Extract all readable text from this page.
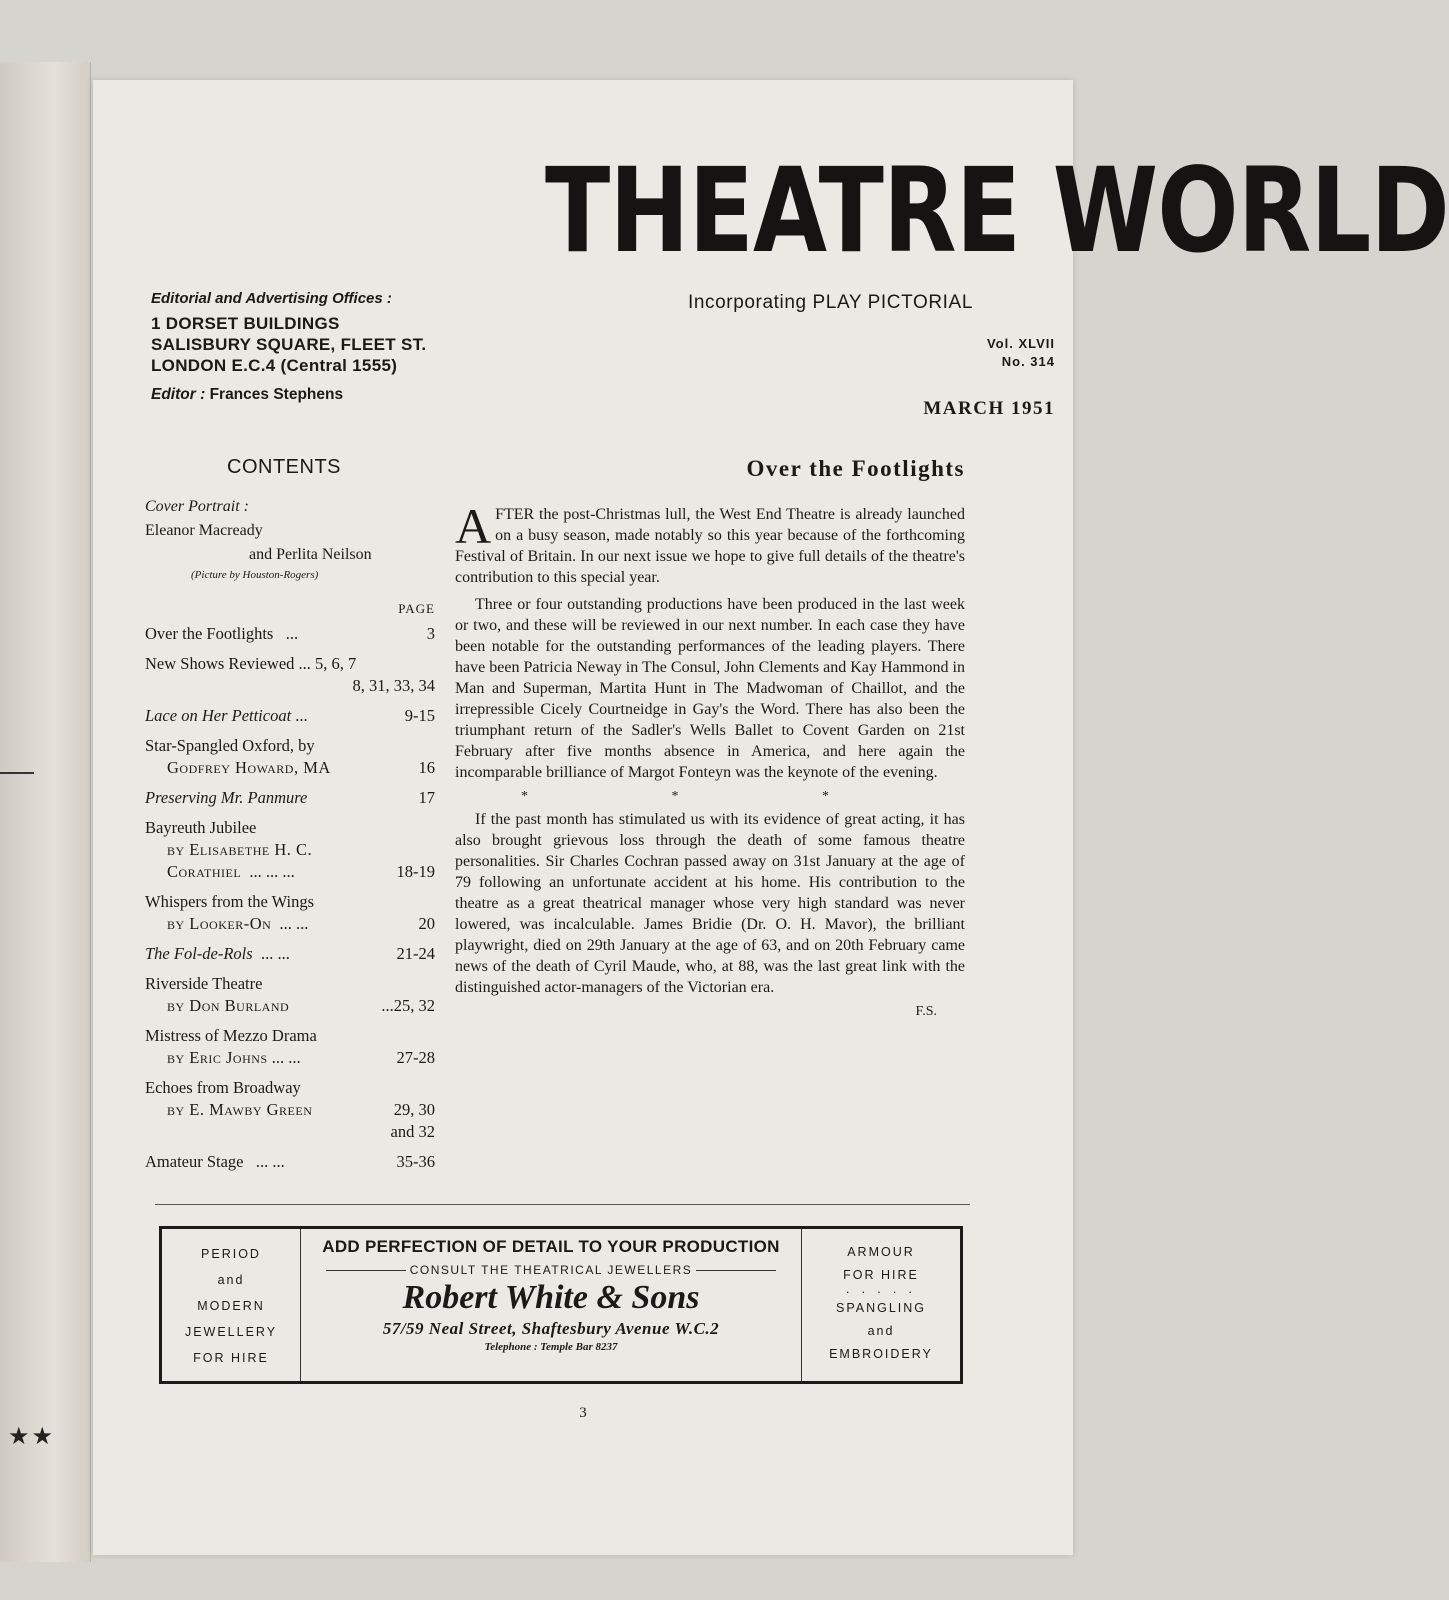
★★
THEATRE WORLD
Editorial and Advertising Offices :
1 DORSET BUILDINGS
SALISBURY SQUARE, FLEET ST.
LONDON E.C.4 (Central 1555)
Editor : Frances Stephens
Incorporating PLAY PICTORIAL
Vol. XLVII
No. 314
MARCH 1951
CONTENTS
Cover Portrait :
Eleanor Macready
and Perlita Neilson
(Picture by Houston-Rogers)
PAGE
Over the Footlights ...	3
New Shows Reviewed ... 5, 6, 7
8, 31, 33, 34
Lace on Her Petticoat ...	9-15
Star-Spangled Oxford, by
Godfrey Howard, MA	16
Preserving Mr. Panmure	17
Bayreuth Jubilee
by Elisabethe H. C.
Corathiel ... ... ...	18-19
Whispers from the Wings
by Looker-On ... ...	20
The Fol-de-Rols ... ...	21-24
Riverside Theatre
by Don Burland	...25, 32
Mistress of Mezzo Drama
by Eric Johns ... ...	27-28
Echoes from Broadway
by E. Mawby Green	29, 30
and 32
Amateur Stage ... ...	35-36
Over the Footlights

AFTER the post-Christmas lull, the West End Theatre is already launched on a busy season, made notably so this year because of the forthcoming Festival of Britain. In our next issue we hope to give full details of the theatre's contribution to this special year.

Three or four outstanding productions have been produced in the last week or two, and these will be reviewed in our next number. In each case they have been notable for the outstanding performances of the leading players. There have been Patricia Neway in The Consul, John Clements and Kay Hammond in Man and Superman, Martita Hunt in The Madwoman of Chaillot, and the irrepressible Cicely Courtneidge in Gay's the Word. There has also been the triumphant return of the Sadler's Wells Ballet to Covent Garden on 21st February after five months absence in America, and here again the incomparable brilliance of Margot Fonteyn was the keynote of the evening.

* * *

If the past month has stimulated us with its evidence of great acting, it has also brought grievous loss through the death of some famous theatre personalities. Sir Charles Cochran passed away on 31st January at the age of 79 following an unfortunate accident at his home. His contribution to the theatre as a great theatrical manager whose very high standard was never lowered, was incalculable. James Bridie (Dr. O. H. Mavor), the brilliant playwright, died on 29th January at the age of 63, and on 20th February came news of the death of Cyril Maude, who, at 88, was the last great link with the distinguished actor-managers of the Victorian era.

F.S.
PERIOD
and
MODERN
JEWELLERY
FOR HIRE
ADD PERFECTION OF DETAIL TO YOUR PRODUCTION
CONSULT THE THEATRICAL JEWELLERS
Robert White & Sons
57/59 Neal Street, Shaftesbury Avenue W.C.2
Telephone : Temple Bar 8237
ARMOUR
FOR HIRE
· · · · ·
SPANGLING
and
EMBROIDERY
3
